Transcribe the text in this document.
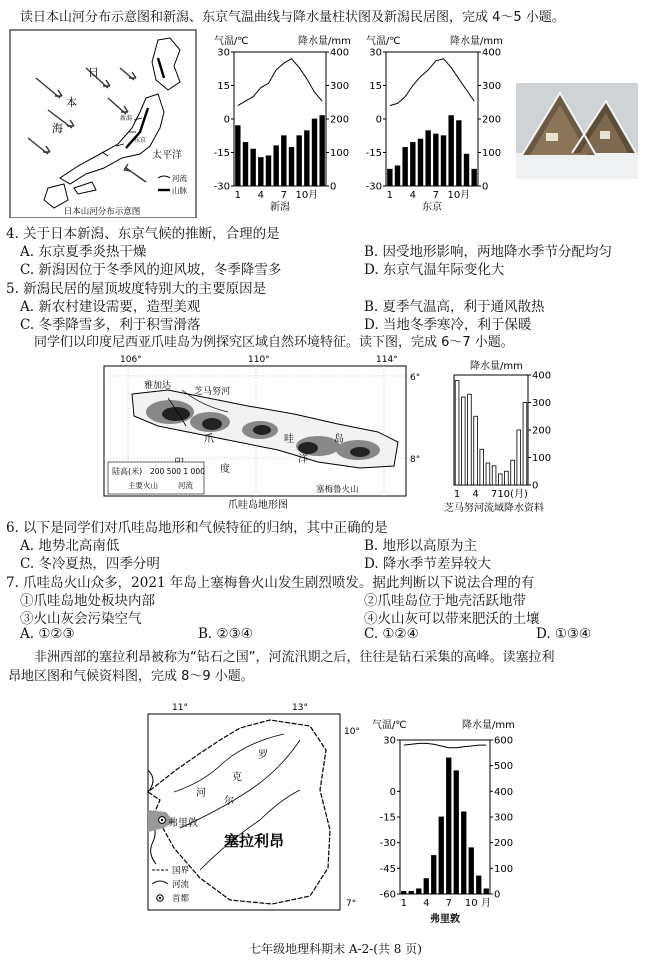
读日本山河分布示意图和新潟、东京气温曲线与降水量柱状图及新潟民居图，完成 4～5 小题。
日
本
海
太平洋
新潟
东京
河流
山脉
日本山河分布示意图
气温/℃	降水量/mm
30
15
0
-15
-30
400
300
200
100
0
1 4 7 10月
新潟
气温/℃	降水量/mm
30
15
0
-15
-30
400
300
200
100
0
1 4 7 10月
东京
4. 关于日本新潟、东京气候的推断，合理的是
A. 东京夏季炎热干燥	B. 因受地形影响，两地降水季节分配均匀
C. 新潟因位于冬季风的迎风坡，冬季降雪多	D. 东京气温年际变化大
5. 新潟民居的屋顶坡度特别大的主要原因是
A. 新农村建设需要，造型美观	B. 夏季气温高，利于通风散热
C. 冬季降雪多，利于积雪滑落	D. 当地冬季寒冷，利于保暖
同学们以印度尼西亚爪哇岛为例探究区域自然环境特征。读下图，完成 6～7 小题。
106°	110°	114°
6°
8°
雅加达
芝马努河
爪	哇	岛
度
洋
塞梅鲁火山
陆高(米) 200 500 1 000
主要火山	河流
爪哇岛地形图
降水量/mm
400
300
200
100
0
1 4 7 10(月)
芝马努河流域降水资料
6. 以下是同学们对爪哇岛地形和气候特征的归纳，其中正确的是
A. 地势北高南低	B. 地形以高原为主
C. 冬冷夏热，四季分明	D. 降水季节差异较大
7. 爪哇岛火山众多，2021 年岛上塞梅鲁火山发生剧烈喷发。据此判断以下说法合理的有
①爪哇岛地处板块内部	②爪哇岛位于地壳活跃地带
③火山灰会污染空气	④火山灰可以带来肥沃的土壤
A. ①②③	B. ②③④	C. ①②④	D. ①③④
非洲西部的塞拉利昂被称为“钻石之国”，河流汛期之后，往往是钻石采集的高峰。读塞拉利
昂地区图和气候资料图，完成 8～9 小题。
11°	13°
10°
7°
罗
克
尔
河
弗里敦
塞拉利昂
国界
河流
首都
气温/℃	降水量/mm
30
0
-15
-30
-45
-60
600
500
400
300
200
100
0
1 4 7 10 月
弗里敦
七年级地理科期末 A-2-(共 8 页)
